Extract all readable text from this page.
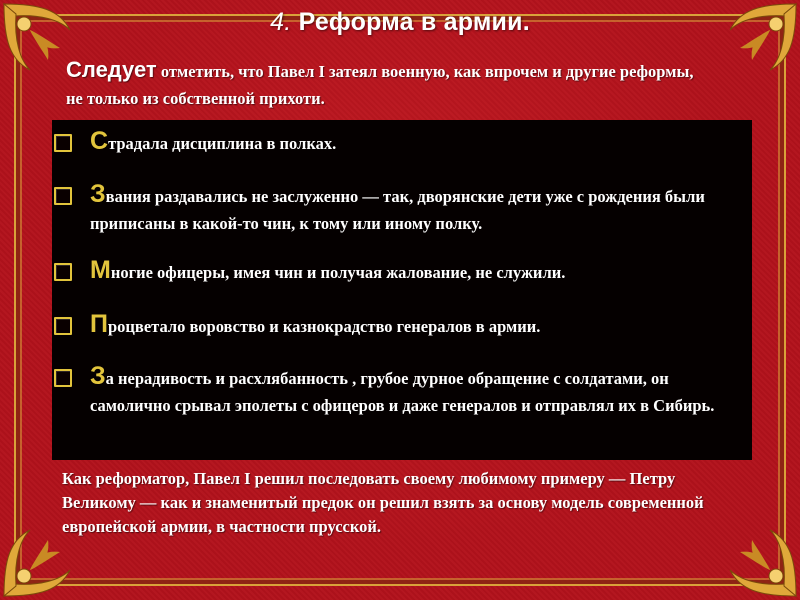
4. Реформа в армии.
Следует отметить, что Павел I затеял военную, как впрочем и другие реформы, не только из собственной прихоти.
Страдала дисциплина в полках.
Звания раздавались не заслуженно — так, дворянские дети уже с рождения были приписаны в какой-то чин, к тому или иному полку.
Многие офицеры, имея чин и получая жалование, не служили.
Процветало воровство и казнокрадство генералов в армии.
За нерадивость и расхлябанность , грубое дурное обращение с солдатами, он самолично срывал эполеты с офицеров и даже генералов и отправлял их в Сибирь.
Как реформатор, Павел I решил последовать своему любимому примеру — Петру Великому — как и знаменитый предок он решил взять за основу модель современной европейской армии, в частности прусской.
